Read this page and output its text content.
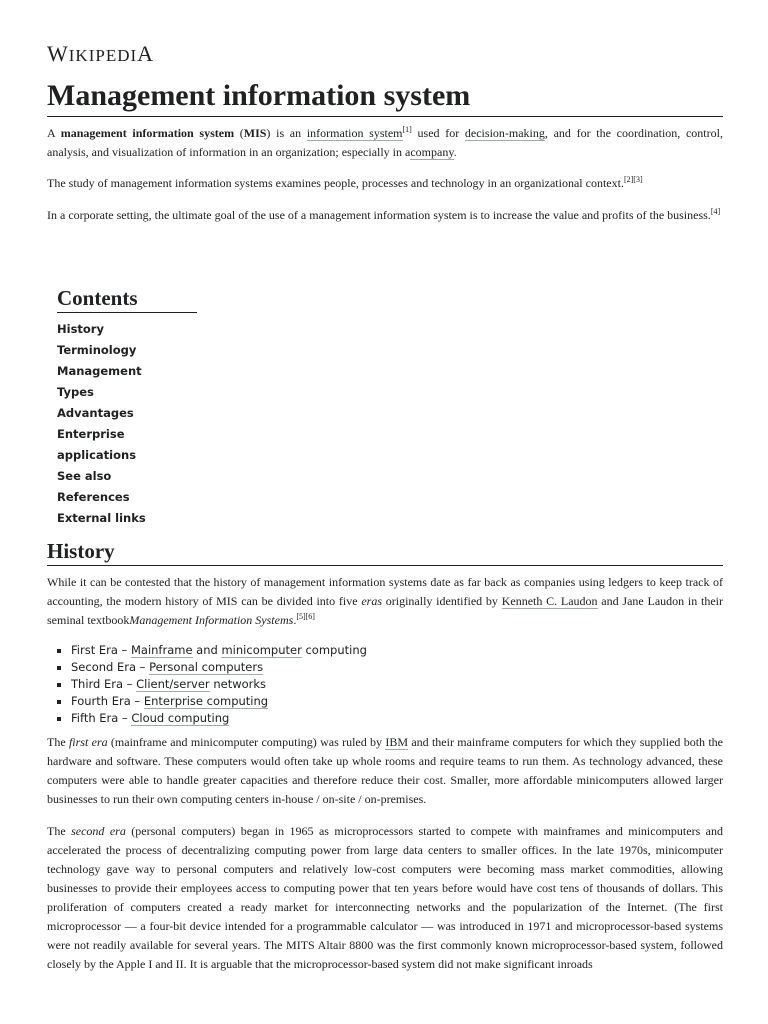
WIKIPEDIA
Management information system

A management information system (MIS) is an information system[1] used for decision-making, and for the coordination, control, analysis, and visualization of information in an organization; especially in acompany.

The study of management information systems examines people, processes and technology in an organizational context.[2][3]

In a corporate setting, the ultimate goal of the use of a management information system is to increase the value and profits of the business.[4]

Contents
History
Terminology
Management
Types
Advantages
Enterprise applications
See also
References
External links
History

While it can be contested that the history of management information systems date as far back as companies using ledgers to keep track of accounting, the modern history of MIS can be divided into five eras originally identified by Kenneth C. Laudon and Jane Laudon in their seminal textbookManagement Information Systems.[5][6]

▪ First Era – Mainframe and minicomputer computing
▪ Second Era – Personal computers
▪ Third Era – Client/server networks
▪ Fourth Era – Enterprise computing
▪ Fifth Era – Cloud computing

The first era (mainframe and minicomputer computing) was ruled by IBM and their mainframe computers for which they supplied both the hardware and software. These computers would often take up whole rooms and require teams to run them. As technology advanced, these computers were able to handle greater capacities and therefore reduce their cost. Smaller, more affordable minicomputers allowed larger businesses to run their own computing centers in-house / on-site / on-premises.

The second era (personal computers) began in 1965 as microprocessors started to compete with mainframes and minicomputers and accelerated the process of decentralizing computing power from large data centers to smaller offices. In the late 1970s, minicomputer technology gave way to personal computers and relatively low-cost computers were becoming mass market commodities, allowing businesses to provide their employees access to computing power that ten years before would have cost tens of thousands of dollars. This proliferation of computers created a ready market for interconnecting networks and the popularization of the Internet. (The first microprocessor — a four-bit device intended for a programmable calculator — was introduced in 1971 and microprocessor-based systems were not readily available for several years. The MITS Altair 8800 was the first commonly known microprocessor-based system, followed closely by the Apple I and II. It is arguable that the microprocessor-based system did not make significant inroads
